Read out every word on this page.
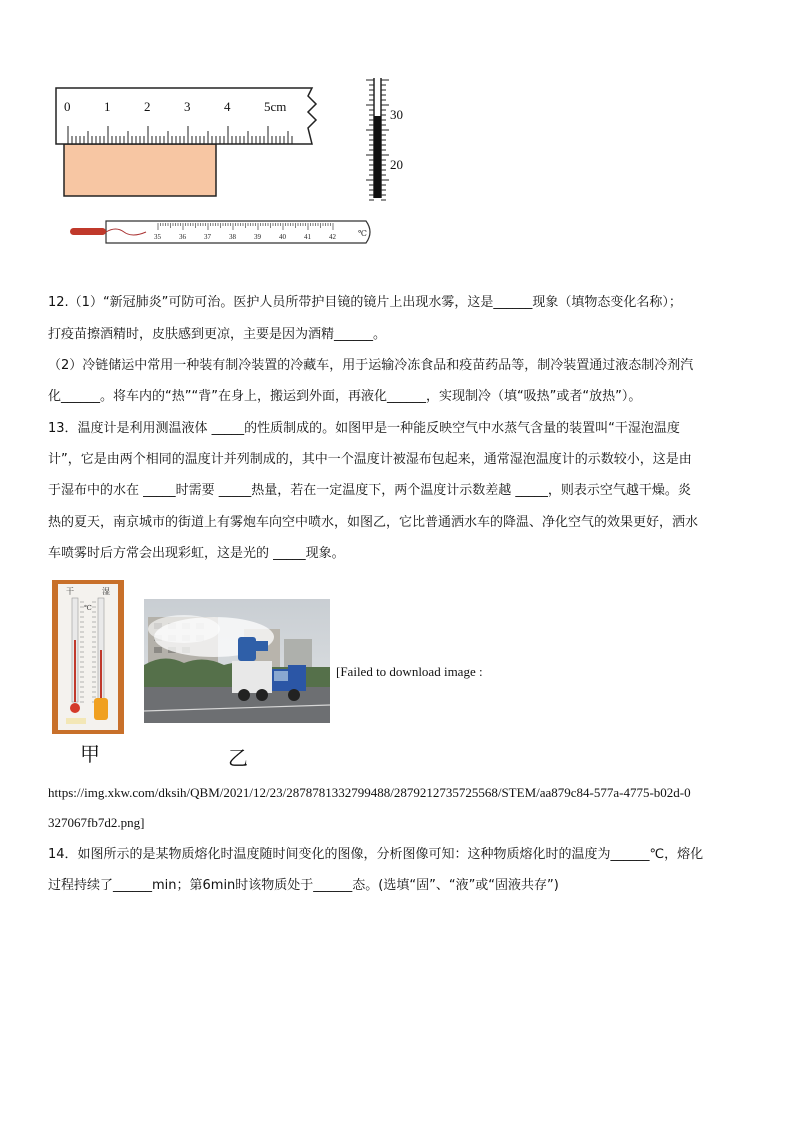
0	1	2	3	4	5cm
30
20
35	36	37	38	39	40	41	42	℃
12.（1）“新冠肺炎”可防可治。医护人员所带护目镜的镜片上出现水雾，这是______现象（填物态变化名称）；
打疫苗擦酒精时，皮肤感到更凉，主要是因为酒精______。
（2）冷链储运中常用一种装有制冷装置的冷藏车，用于运输冷冻食品和疫苗药品等，制冷装置通过液态制冷剂汽
化______。将车内的“热”“背”在身上，搬运到外面，再液化______，实现制冷（填“吸热”或者“放热”）。
13．温度计是利用测温液体 _____的性质制成的。如图甲是一种能反映空气中水蒸气含量的装置叫“干湿泡温度
计”，它是由两个相同的温度计并列制成的，其中一个温度计被湿布包起来，通常湿泡温度计的示数较小，这是由
于湿布中的水在 _____时需要 _____热量，若在一定温度下，两个温度计示数差越 _____，则表示空气越干燥。炎
热的夏天，南京城市的街道上有雾炮车向空中喷水，如图乙，它比普通洒水车的降温、净化空气的效果更好，洒水
车喷雾时后方常会出现彩虹，这是光的 _____现象。
干	湿
℃
甲	乙
[Failed to download image :
https://img.xkw.com/dksih/QBM/2021/12/23/2878781332799488/2879212735725568/STEM/aa879c84-577a-4775-b02d-0
327067fb7d2.png]
14．如图所示的是某物质熔化时温度随时间变化的图像，分析图像可知：这种物质熔化时的温度为______℃，熔化
过程持续了______min；第6min时该物质处于______态。(选填“固”、“液”或“固液共存”)
